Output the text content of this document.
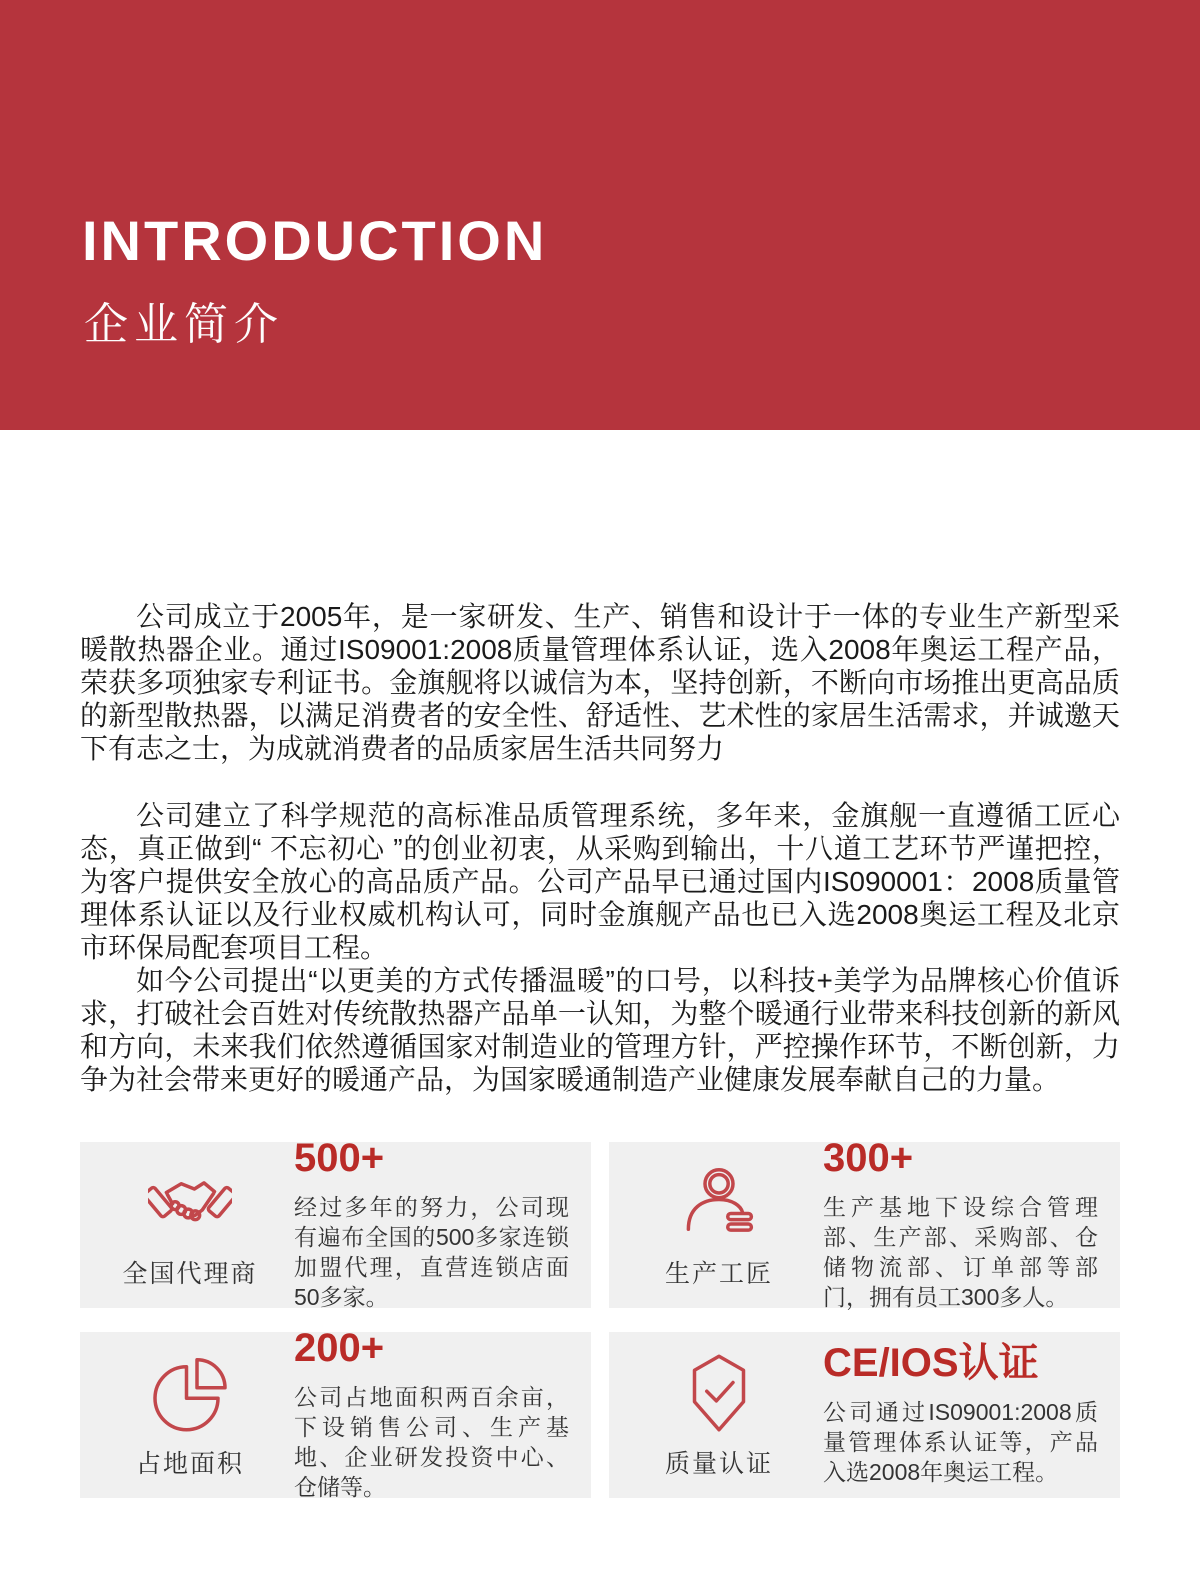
INTRODUCTION
企业简介

公司成立于2005年，是一家研发、生产、销售和设计于一体的专业生产新型采暖散热器企业。通过IS09001:2008质量管理体系认证，选入2008年奥运工程产品，荣获多项独家专利证书。金旗舰将以诚信为本，坚持创新，不断向市场推出更高品质的新型散热器，以满足消费者的安全性、舒适性、艺术性的家居生活需求，并诚邀天下有志之士，为成就消费者的品质家居生活共同努力

公司建立了科学规范的高标准品质管理系统，多年来，金旗舰一直遵循工匠心态，真正做到“ 不忘初心 ”的创业初衷，从采购到输出，十八道工艺环节严谨把控，为客户提供安全放心的高品质产品。公司产品早已通过国内IS090001：2008质量管理体系认证以及行业权威机构认可，同时金旗舰产品也已入选2008奥运工程及北京市环保局配套项目工程。

如今公司提出“以更美的方式传播温暖”的口号，以科技+美学为品牌核心价值诉求，打破社会百姓对传统散热器产品单一认知，为整个暖通行业带来科技创新的新风和方向，未来我们依然遵循国家对制造业的管理方针，严控操作环节，不断创新，力争为社会带来更好的暖通产品，为国家暖通制造产业健康发展奉献自己的力量。

全国代理商
500+
经过多年的努力，公司现有遍布全国的500多家连锁加盟代理，直营连锁店面50多家。
生产工匠
300+
生产基地下设综合管理部、生产部、采购部、仓储物流部、订单部等部门，拥有员工300多人。
占地面积
200+
公司占地面积两百余亩，下设销售公司、生产基地、企业研发投资中心、仓储等。
质量认证
CE/IOS认证
公司通过IS09001:2008质量管理体系认证等，产品入选2008年奥运工程。
